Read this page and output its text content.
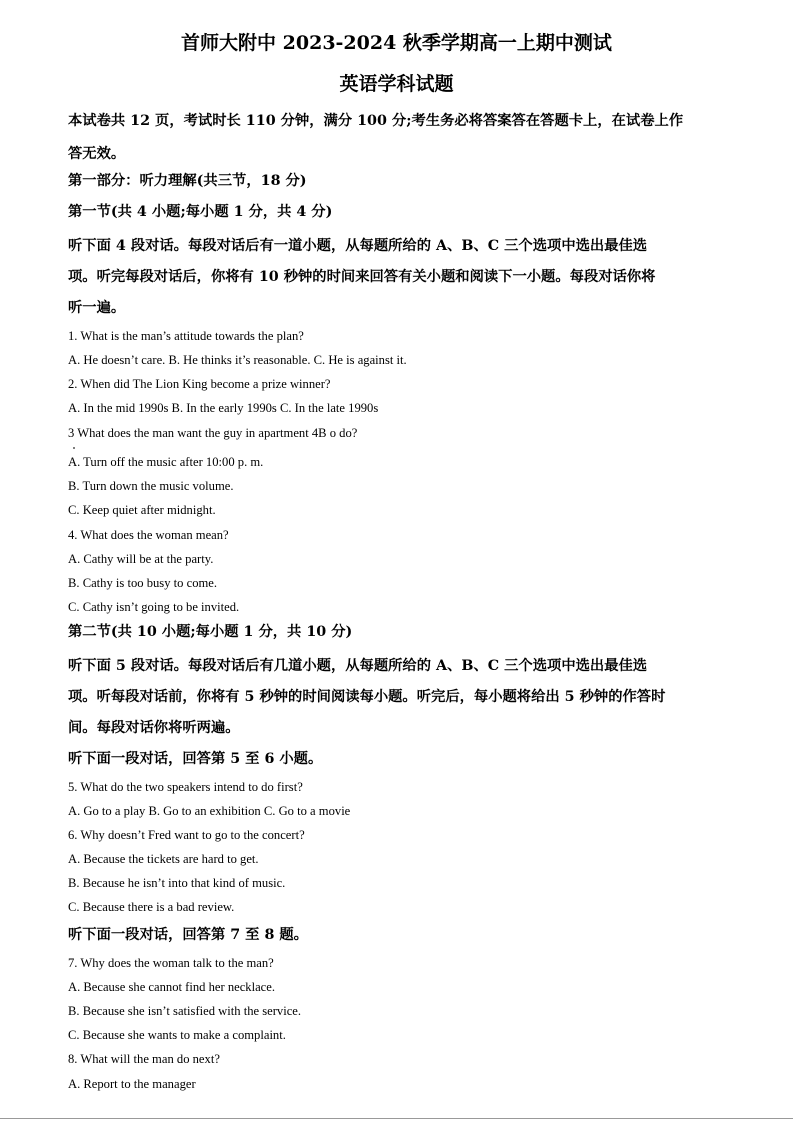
首师大附中 2023-2024 秋季学期高一上期中测试
英语学科试题
本试卷共 12 页，考试时长 110 分钟，满分 100 分;考生务必将答案答在答题卡上，在试卷上作
答无效。
第一部分：听力理解(共三节，18 分)
第一节(共 4 小题;每小题 1 分，共 4 分)
听下面 4 段对话。每段对话后有一道小题，从每题所给的 A、B、C 三个选项中选出最佳选
项。听完每段对话后，你将有 10 秒钟的时间来回答有关小题和阅读下一小题。每段对话你将
听一遍。
1. What is the man’s attitude towards the plan?
A. He doesn’t care. B. He thinks it’s reasonable. C. He is against it.
2. When did The Lion King become a prize winner?
A. In the mid 1990s B. In the early 1990s C. In the late 1990s
3 What does the man want the guy in apartment 4B o do?
A. Turn off the music after 10:00 p. m.
B. Turn down the music volume.
C. Keep quiet after midnight.
4. What does the woman mean?
A. Cathy will be at the party.
B. Cathy is too busy to come.
C. Cathy isn’t going to be invited.
第二节(共 10 小题;每小题 1 分，共 10 分)
听下面 5 段对话。每段对话后有几道小题，从每题所给的 A、B、C 三个选项中选出最佳选
项。听每段对话前，你将有 5 秒钟的时间阅读每小题。听完后，每小题将给出 5 秒钟的作答时
间。每段对话你将听两遍。
听下面一段对话，回答第 5 至 6 小题。
5. What do the two speakers intend to do first?
A. Go to a play B. Go to an exhibition C. Go to a movie
6. Why doesn’t Fred want to go to the concert?
A. Because the tickets are hard to get.
B. Because he isn’t into that kind of music.
C. Because there is a bad review.
听下面一段对话，回答第 7 至 8 题。
7. Why does the woman talk to the man?
A. Because she cannot find her necklace.
B. Because she isn’t satisfied with the service.
C. Because she wants to make a complaint.
8. What will the man do next?
A. Report to the manager
